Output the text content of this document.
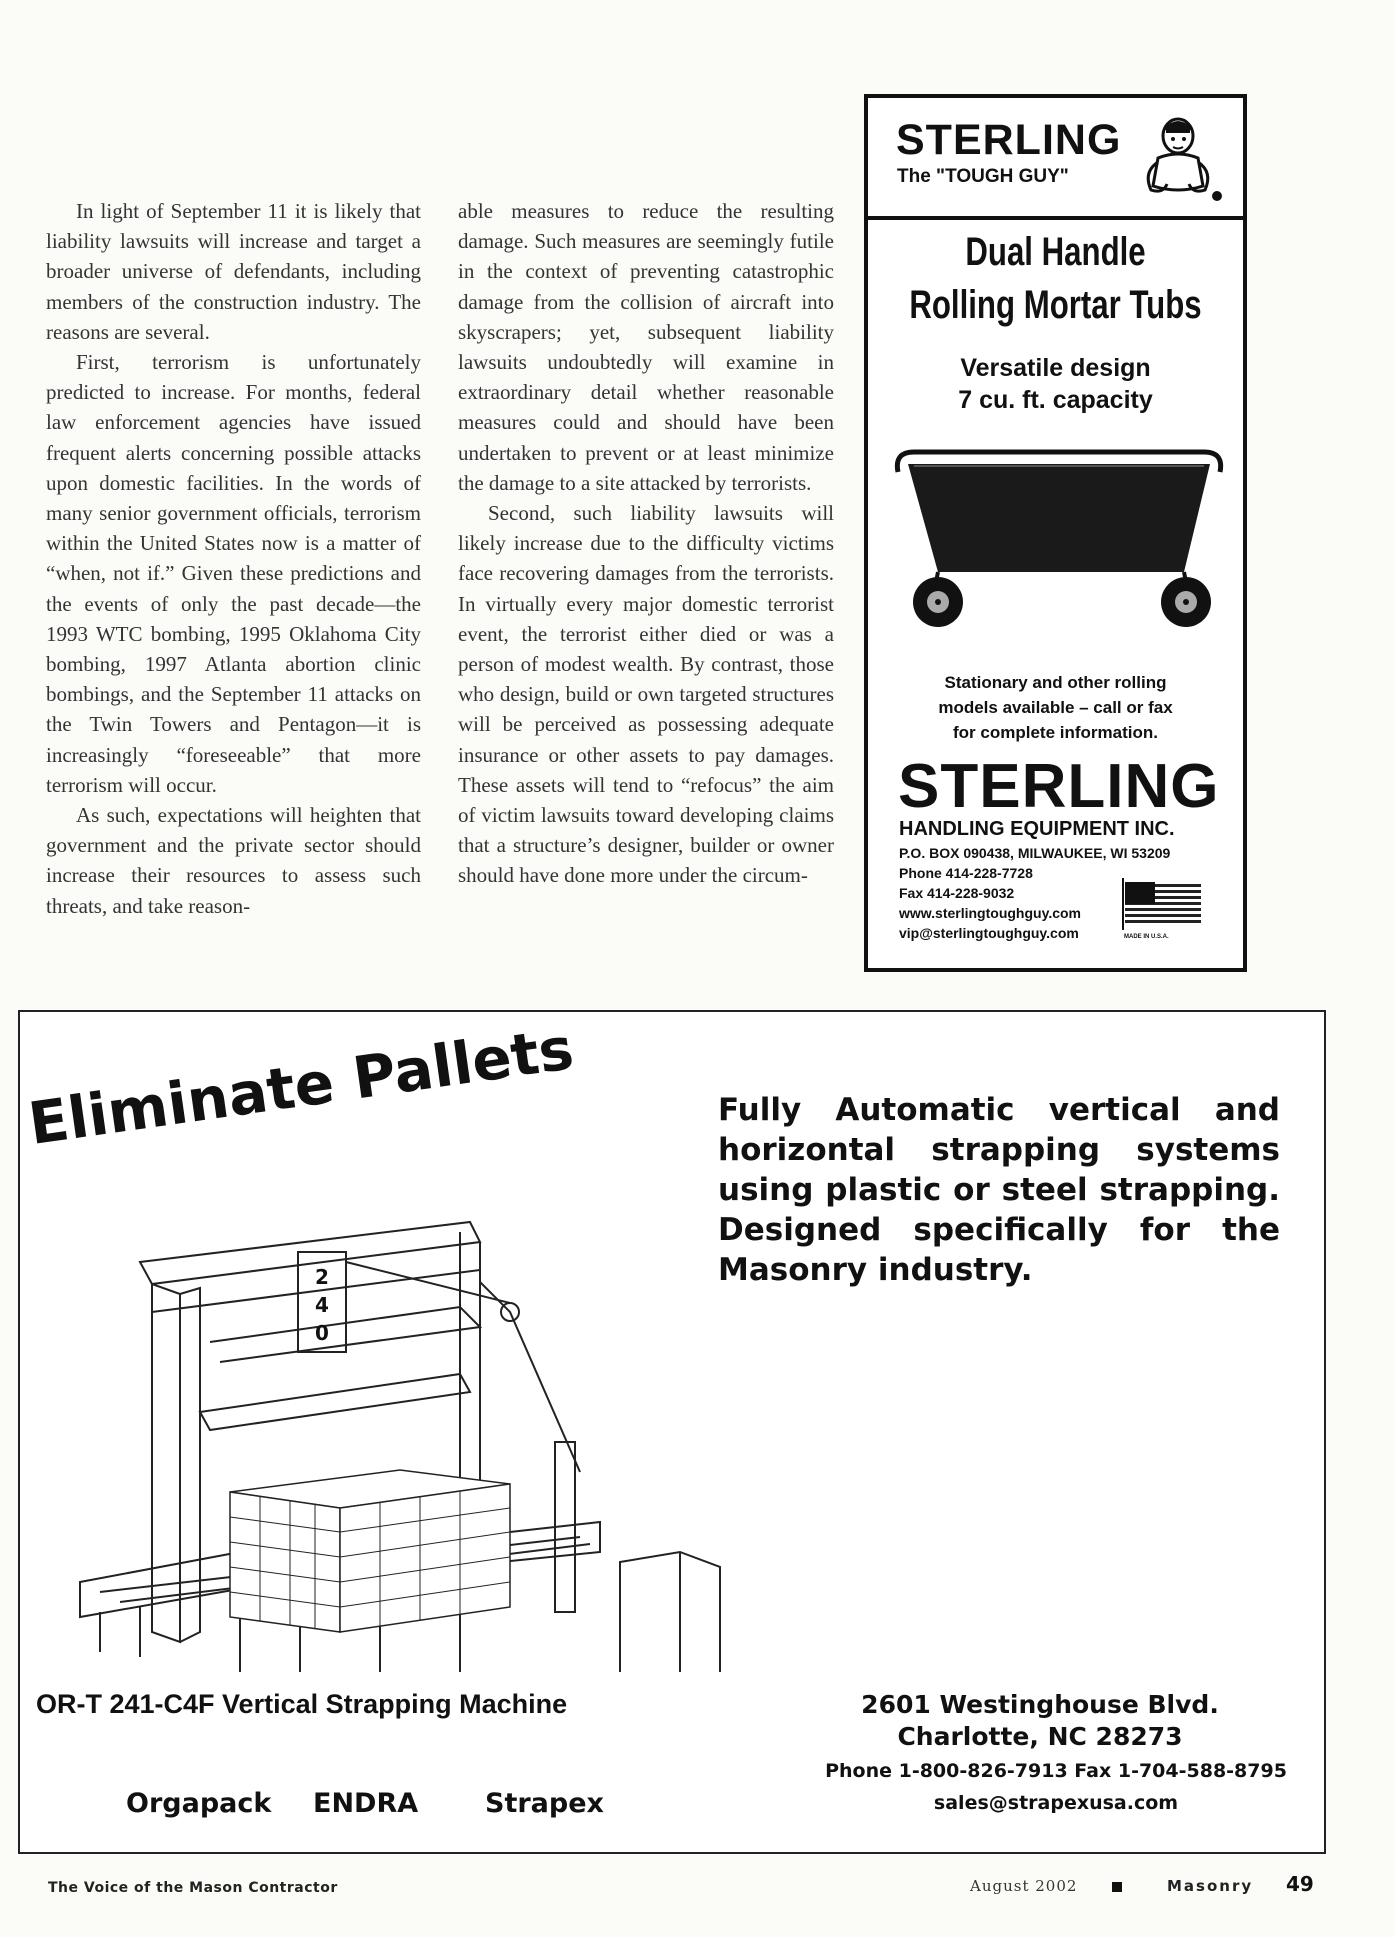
In light of September 11 it is likely that liability lawsuits will increase and target a broader universe of defendants, including members of the construction industry. The reasons are several.

First, terrorism is unfortunately predicted to increase. For months, federal law enforcement agencies have issued frequent alerts concerning possible attacks upon domestic facilities. In the words of many senior government officials, terrorism within the United States now is a matter of “when, not if.” Given these predictions and the events of only the past decade—the 1993 WTC bombing, 1995 Oklahoma City bombing, 1997 Atlanta abortion clinic bombings, and the September 11 attacks on the Twin Towers and Pentagon—it is increasingly “foreseeable” that more terrorism will occur.

As such, expectations will heighten that government and the private sector should increase their resources to assess such threats, and take reason-

able measures to reduce the resulting damage. Such measures are seemingly futile in the context of preventing catastrophic damage from the collision of aircraft into skyscrapers; yet, subsequent liability lawsuits undoubtedly will examine in extraordinary detail whether reasonable measures could and should have been undertaken to prevent or at least minimize the damage to a site attacked by terrorists.

Second, such liability lawsuits will likely increase due to the difficulty victims face recovering damages from the terrorists. In virtually every major domestic terrorist event, the terrorist either died or was a person of modest wealth. By contrast, those who design, build or own targeted structures will be perceived as possessing adequate insurance or other assets to pay damages. These assets will tend to “refocus” the aim of victim lawsuits toward developing claims that a structure’s designer, builder or owner should have done more under the circum-

STERLING
The "TOUGH GUY"
Dual Handle
Rolling Mortar Tubs
Versatile design
7 cu. ft. capacity
Stationary and other rolling
models available – call or fax
for complete information.
STERLING
HANDLING EQUIPMENT INC.
P.O. BOX 090438, MILWAUKEE, WI 53209
Phone 414-228-7728
Fax 414-228-9032
www.sterlingtoughguy.com
vip@sterlingtoughguy.com	MADE IN U.S.A.
2
4
0
Eliminate Pallets	Fully Automatic vertical and horizontal strapping systems using plastic or steel strapping. Designed specifically for the Masonry industry.
OR-T 241-C4F Vertical Strapping Machine	2601 Westinghouse Blvd.
Charlotte, NC 28273
Phone 1-800-826-7913 Fax 1-704-588-8795
sales@strapexusa.com
Orgapack ENDRA Strapex
The Voice of the Mason Contractor	August 2002	Masonry 49
